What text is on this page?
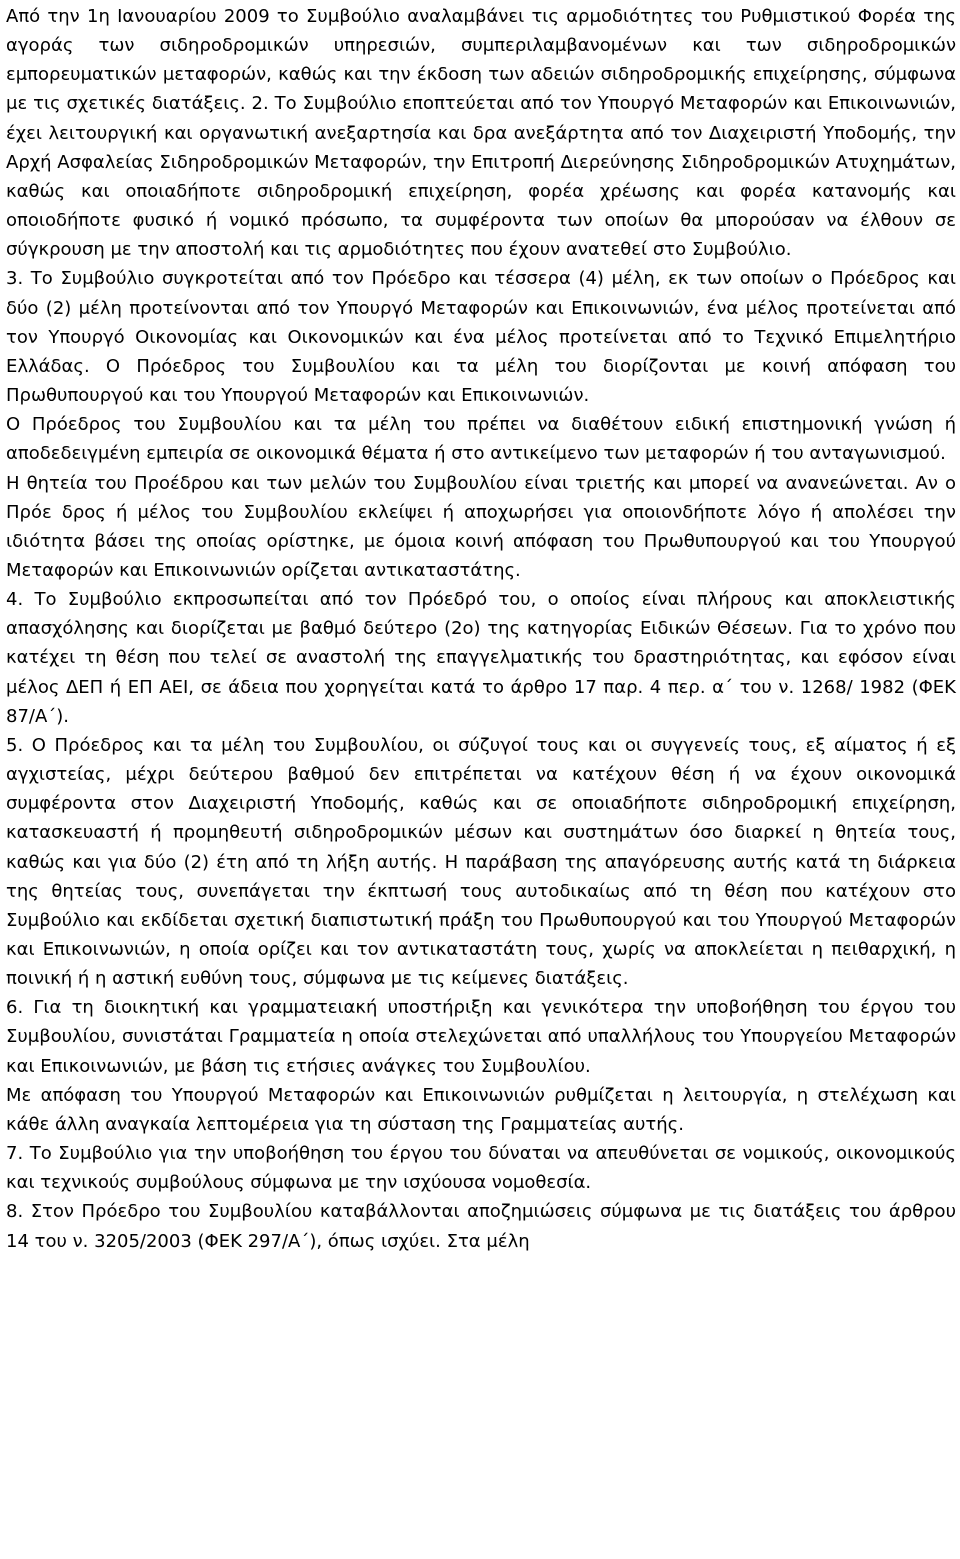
Από την 1η Ιανουαρίου 2009 το Συμβούλιο αναλαμβάνει τις αρμοδιότητες του Ρυθμιστικού Φορέα της αγοράς των σιδηροδρομικών υπηρεσιών, συμπεριλαμβανομένων και των σιδηροδρομικών εμπορευματικών μεταφορών, καθώς και την έκδοση των αδειών σιδηροδρομικής επιχείρησης, σύμφωνα με τις σχετικές διατάξεις. 2. Το Συμβούλιο εποπτεύεται από τον Υπουργό Μεταφορών και Επικοινωνιών, έχει λειτουργική και οργανωτική ανεξαρτησία και δρα ανεξάρτητα από τον Διαχειριστή Υποδομής, την Αρχή Ασφαλείας Σιδηροδρομικών Μεταφορών, την Επιτροπή Διερεύνησης Σιδηροδρομικών Ατυχημάτων, καθώς και οποιαδήποτε σιδηροδρομική επιχείρηση, φορέα χρέωσης και φορέα κατανομής και οποιοδήποτε φυσικό ή νομικό πρόσωπο, τα συμφέροντα των οποίων θα μπορούσαν να έλθουν σε σύγκρουση με την αποστολή και τις αρμοδιότητες που έχουν ανατεθεί στο Συμβούλιο.

3. Το Συμβούλιο συγκροτείται από τον Πρόεδρο και τέσσερα (4) μέλη, εκ των οποίων ο Πρόεδρος και δύο (2) μέλη προτείνονται από τον Υπουργό Μεταφορών και Επικοινωνιών, ένα μέλος προτείνεται από τον Υπουργό Οικονομίας και Οικονομικών και ένα μέλος προτείνεται από το Τεχνικό Επιμελητήριο Ελλάδας. Ο Πρόεδρος του Συμβουλίου και τα μέλη του διορίζονται με κοινή απόφαση του Πρωθυπουργού και του Υπουργού Μεταφορών και Επικοινωνιών.

Ο Πρόεδρος του Συμβουλίου και τα μέλη του πρέπει να διαθέτουν ειδική επιστημονική γνώση ή αποδεδειγμένη εμπειρία σε οικονομικά θέματα ή στο αντικείμενο των μεταφορών ή του ανταγωνισμού.

Η θητεία του Προέδρου και των μελών του Συμβουλίου είναι τριετής και μπορεί να ανανεώνεται. Αν ο Πρόε δρος ή μέλος του Συμβουλίου εκλείψει ή αποχωρήσει για οποιονδήποτε λόγο ή απολέσει την ιδιότητα βάσει της οποίας ορίστηκε, με όμοια κοινή απόφαση του Πρωθυπουργού και του Υπουργού Μεταφορών και Επικοινωνιών ορίζεται αντικαταστάτης.

4. Το Συμβούλιο εκπροσωπείται από τον Πρόεδρό του, ο οποίος είναι πλήρους και αποκλειστικής απασχόλησης και διορίζεται με βαθμό δεύτερο (2ο) της κατηγορίας Ειδικών Θέσεων. Για το χρόνο που κατέχει τη θέση που τελεί σε αναστολή της επαγγελματικής του δραστηριότητας, και εφόσον είναι μέλος ΔΕΠ ή ΕΠ ΑΕΙ, σε άδεια που χορηγείται κατά το άρθρο 17 παρ. 4 περ. α΄ του ν. 1268/ 1982 (ΦΕΚ 87/Α΄).

5. Ο Πρόεδρος και τα μέλη του Συμβουλίου, οι σύζυγοί τους και οι συγγενείς τους, εξ αίματος ή εξ αγχιστείας, μέχρι δεύτερου βαθμού δεν επιτρέπεται να κατέχουν θέση ή να έχουν οικονομικά συμφέροντα στον Διαχειριστή Υποδομής, καθώς και σε οποιαδήποτε σιδηροδρομική επιχείρηση, κατασκευαστή ή προμηθευτή σιδηροδρομικών μέσων και συστημάτων όσο διαρκεί η θητεία τους, καθώς και για δύο (2) έτη από τη λήξη αυτής. Η παράβαση της απαγόρευσης αυτής κατά τη διάρκεια της θητείας τους, συνεπάγεται την έκπτωσή τους αυτοδικαίως από τη θέση που κατέχουν στο Συμβούλιο και εκδίδεται σχετική διαπιστωτική πράξη του Πρωθυπουργού και του Υπουργού Μεταφορών και Επικοινωνιών, η οποία ορίζει και τον αντικαταστάτη τους, χωρίς να αποκλείεται η πειθαρχική, η ποινική ή η αστική ευθύνη τους, σύμφωνα με τις κείμενες διατάξεις.

6. Για τη διοικητική και γραμματειακή υποστήριξη και γενικότερα την υποβοήθηση του έργου του Συμβουλίου, συνιστάται Γραμματεία η οποία στελεχώνεται από υπαλλήλους του Υπουργείου Μεταφορών και Επικοινωνιών, με βάση τις ετήσιες ανάγκες του Συμβουλίου.

Με απόφαση του Υπουργού Μεταφορών και Επικοινωνιών ρυθμίζεται η λειτουργία, η στελέχωση και κάθε άλλη αναγκαία λεπτομέρεια για τη σύσταση της Γραμματείας αυτής.

7. Το Συμβούλιο για την υποβοήθηση του έργου του δύναται να απευθύνεται σε νομικούς, οικονομικούς και τεχνικούς συμβούλους σύμφωνα με την ισχύουσα νομοθεσία.

8. Στον Πρόεδρο του Συμβουλίου καταβάλλονται αποζημιώσεις σύμφωνα με τις διατάξεις του άρθρου 14 του ν. 3205/2003 (ΦΕΚ 297/Α΄), όπως ισχύει. Στα μέλη
